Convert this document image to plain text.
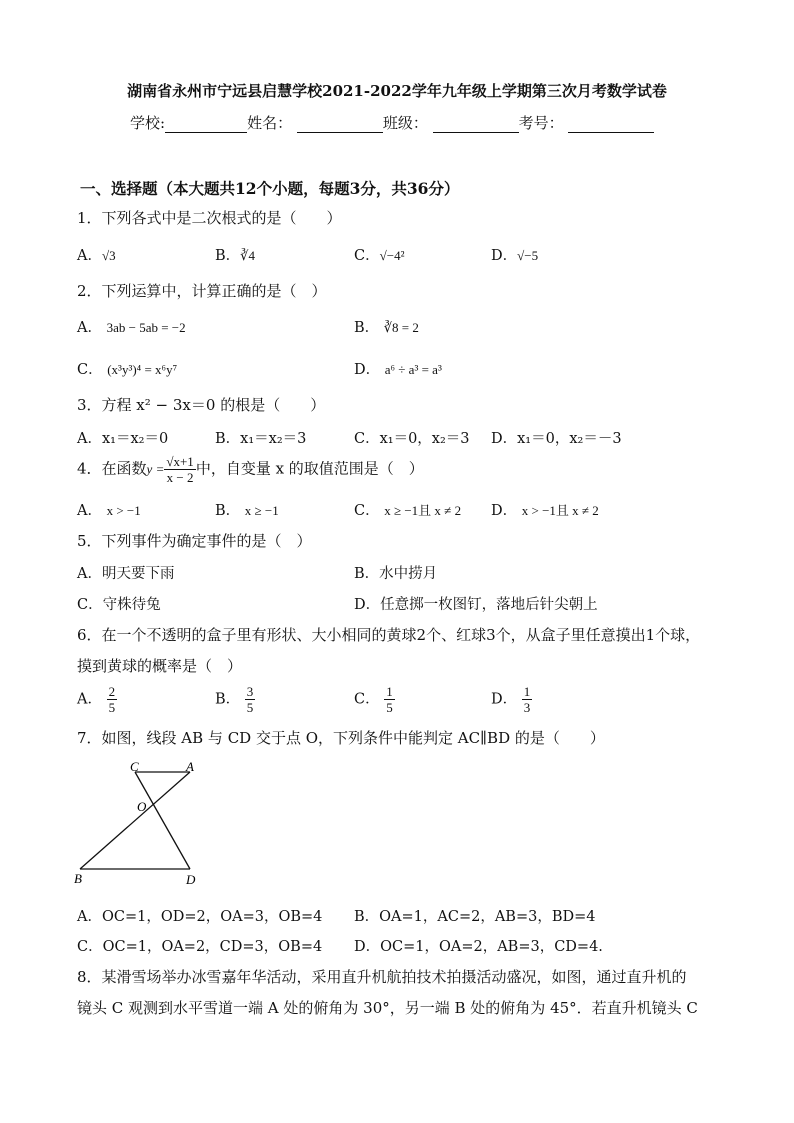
湖南省永州市宁远县启慧学校2021-2022学年九年级上学期第三次月考数学试卷
学校:	姓名：	班级：	考号：
一、选择题（本大题共12个小题，每题3分，共36分）
1．下列各式中是二次根式的是（　　）
A．√3	B．∛4	C．√−4²	D．√−5
2．下列运算中，计算正确的是（　）
A． 3ab − 5ab = −2	B． ∛8 = 2
C． (x³y³)⁴ = x⁶y⁷	D． a⁶ ÷ a³ = a³
3．方程 x² − 3x＝0 的根是（　　）
A．x₁＝x₂＝0	B．x₁＝x₂＝3	C．x₁＝0，x₂＝3 D．x₁＝0，x₂＝－3
4．在函数$y = \frac{√x+1}{x - 2}$ 中，自变量 x 的取值范围是（　）
A． x > −1	B． x ≥ −1	C． x ≥ −1且 x ≠ 2 D． x > −1且 x ≠ 2
5．下列事件为确定事件的是（　）
A．明天要下雨	B．水中捞月
C．守株待兔	D．任意掷一枚图钉，落地后针尖朝上
6．在一个不透明的盒子里有形状、大小相同的黄球2个、红球3个，从盒子里任意摸出1个球，
摸到黄球的概率是（　）
A． $\frac{2}{5}$	B． $\frac{3}{5}$	C． $\frac{1}{5}$	D． $\frac{1}{3}$
7．如图，线段 AB 与 CD 交于点 O，下列条件中能判定 AC∥BD 的是（　　）
C	A
O
B	D
A．OC=1，OD=2，OA=3，OB=4 B．OA=1，AC=2，AB=3，BD=4
C．OC=1，OA=2，CD=3，OB=4 D．OC=1，OA=2，AB=3，CD=4.
8．某滑雪场举办冰雪嘉年华活动，采用直升机航拍技术拍摄活动盛况，如图，通过直升机的
镜头 C 观测到水平雪道一端 A 处的俯角为 30°，另一端 B 处的俯角为 45°．若直升机镜头 C
